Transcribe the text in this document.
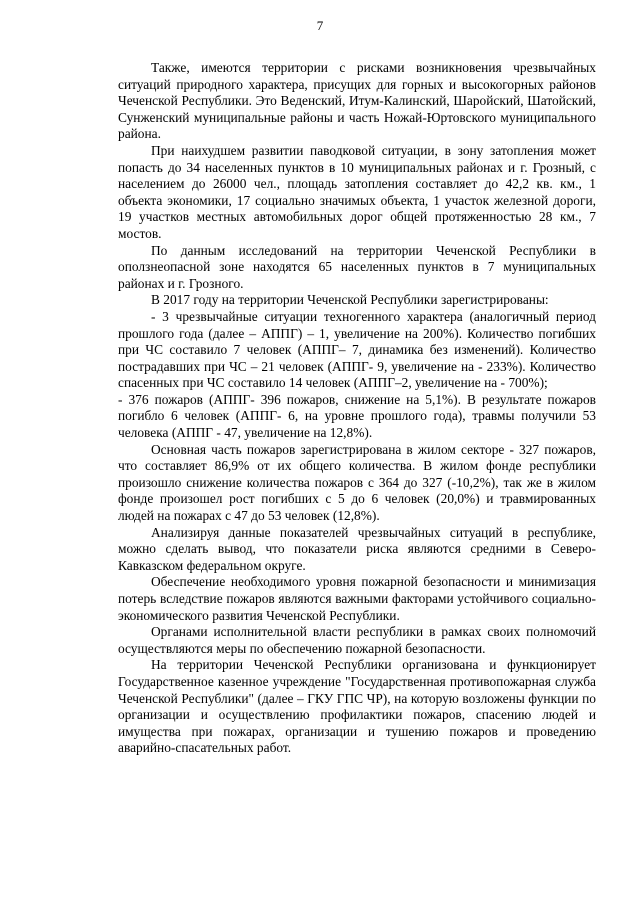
7

Также, имеются территории с рисками возникновения чрезвычайных ситуаций природного характера, присущих для горных и высокогорных районов Чеченской Республики. Это Веденский, Итум-Калинский, Шаройский, Шатойский, Сунженский муниципальные районы и часть Ножай-Юртовского муниципального района.

При наихудшем развитии паводковой ситуации, в зону затопления может попасть до 34 населенных пунктов в 10 муниципальных районах и г. Грозный, с населением до 26000 чел., площадь затопления составляет до 42,2 кв. км., 1 объекта экономики, 17 социально значимых объекта, 1 участок железной дороги, 19 участков местных автомобильных дорог общей протяженностью 28 км., 7 мостов.

По данным исследований на территории Чеченской Республики в оползнеопасной зоне находятся 65 населенных пунктов в 7 муниципальных районах и г. Грозного.

В 2017 году на территории Чеченской Республики зарегистрированы:

- 3 чрезвычайные ситуации техногенного характера (аналогичный период прошлого года (далее – АППГ) – 1, увеличение на 200%). Количество погибших при ЧС составило 7 человек (АППГ– 7, динамика без изменений). Количество пострадавших при ЧС – 21 человек (АППГ- 9, увеличение на - 233%). Количество спасенных при ЧС составило 14 человек (АППГ–2, увеличение на - 700%);

- 376 пожаров (АППГ- 396 пожаров, снижение на 5,1%). В результате пожаров погибло 6 человек (АППГ- 6, на уровне прошлого года), травмы получили 53 человека (АППГ - 47, увеличение на 12,8%).

Основная часть пожаров зарегистрирована в жилом секторе - 327 пожаров, что составляет 86,9% от их общего количества. В жилом фонде республики произошло снижение количества пожаров с 364 до 327 (-10,2%), так же в жилом фонде произошел рост погибших с 5 до 6 человек (20,0%) и травмированных людей на пожарах с 47 до 53 человек (12,8%).

Анализируя данные показателей чрезвычайных ситуаций в республике, можно сделать вывод, что показатели риска являются средними в Северо-Кавказском федеральном округе.

Обеспечение необходимого уровня пожарной безопасности и минимизация потерь вследствие пожаров являются важными факторами устойчивого социально-экономического развития Чеченской Республики.

Органами исполнительной власти республики в рамках своих полномочий осуществляются меры по обеспечению пожарной безопасности.

На территории Чеченской Республики организована и функционирует Государственное казенное учреждение "Государственная противопожарная служба Чеченской Республики" (далее – ГКУ ГПС ЧР), на которую возложены функции по организации и осуществлению профилактики пожаров, спасению людей и имущества при пожарах, организации и тушению пожаров и проведению аварийно-спасательных работ.
